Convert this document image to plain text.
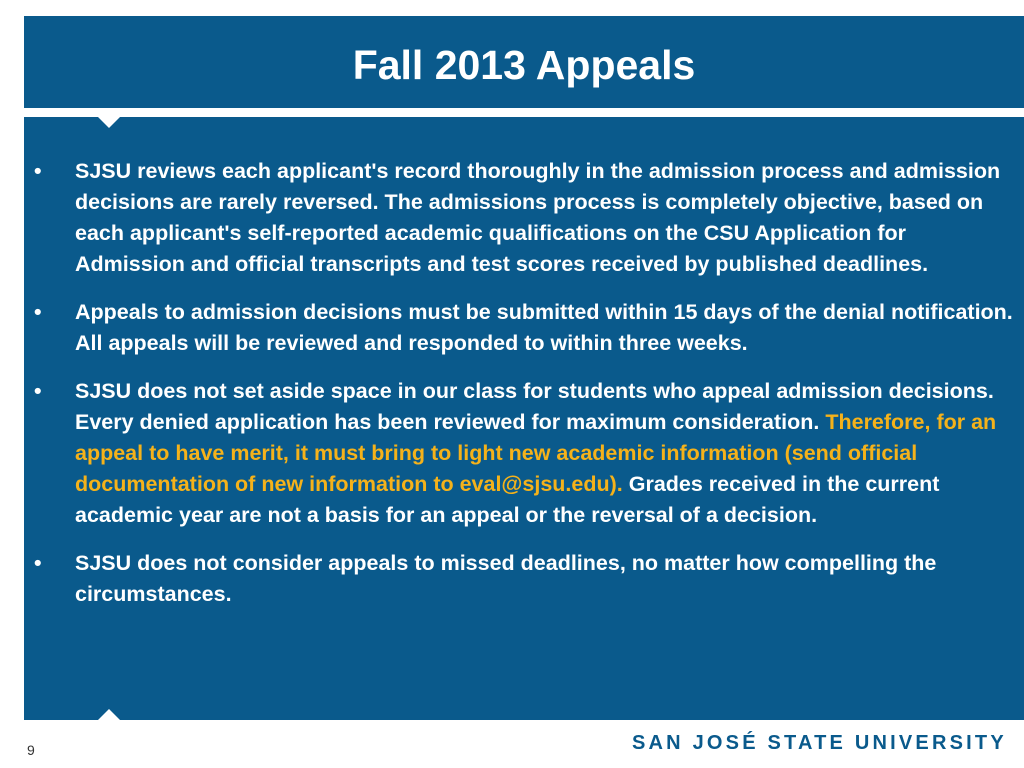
Fall 2013 Appeals
•	SJSU reviews each applicant's record thoroughly in the admission process and admission decisions are rarely reversed. The admissions process is completely objective, based on each applicant's self-reported academic qualifications on the CSU Application for Admission and official transcripts and test scores received by published deadlines.
•	Appeals to admission decisions must be submitted within 15 days of the denial notification. All appeals will be reviewed and responded to within three weeks.
•	SJSU does not set aside space in our class for students who appeal admission decisions. Every denied application has been reviewed for maximum consideration. Therefore, for an appeal to have merit, it must bring to light new academic information (send official documentation of new information to eval@sjsu.edu). Grades received in the current academic year are not a basis for an appeal or the reversal of a decision.
•	SJSU does not consider appeals to missed deadlines, no matter how compelling the circumstances.
9	SAN JOSÉ STATE UNIVERSITY
